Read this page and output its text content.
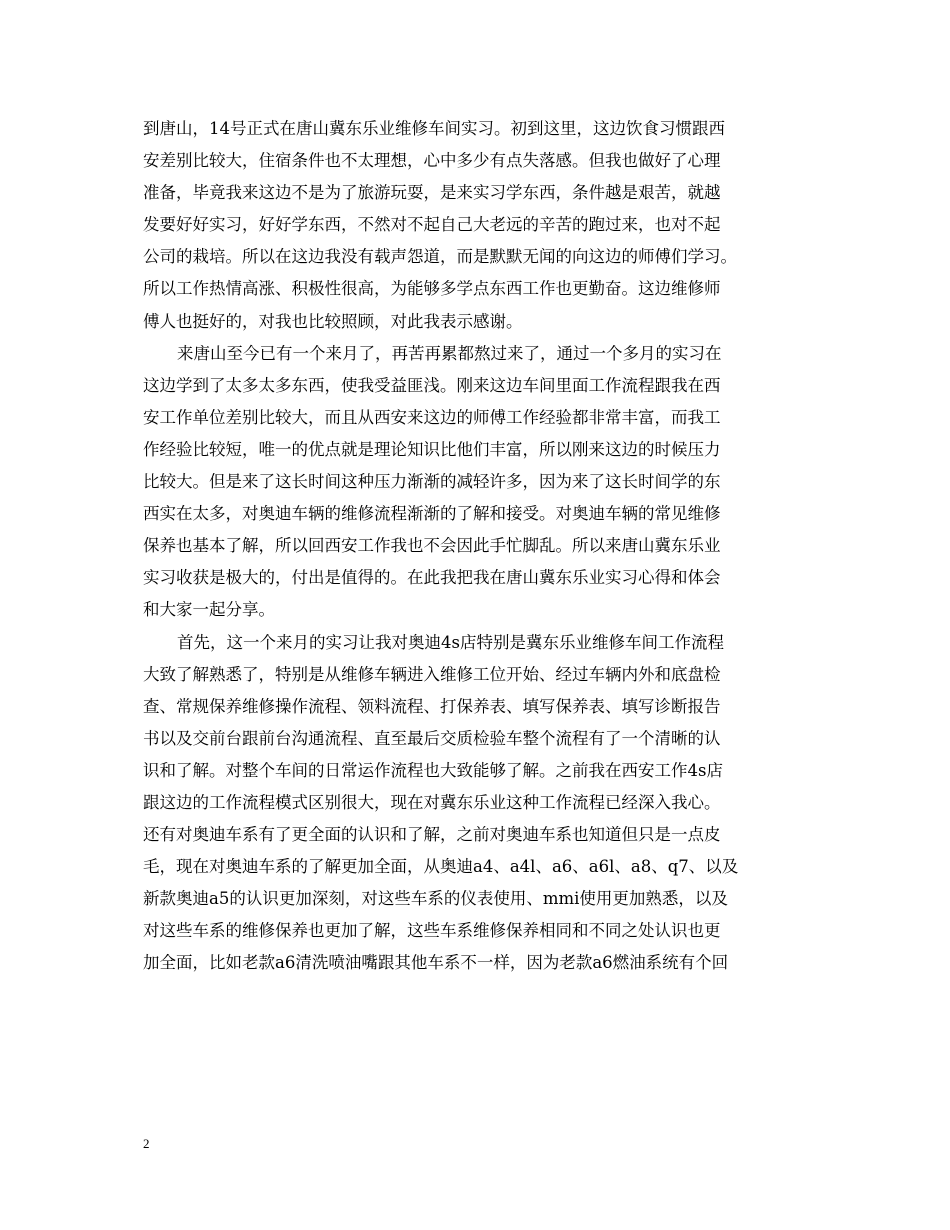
到唐山，14号正式在唐山冀东乐业维修车间实习。初到这里，这边饮食习惯跟西
安差别比较大，住宿条件也不太理想，心中多少有点失落感。但我也做好了心理
准备，毕竟我来这边不是为了旅游玩耍，是来实习学东西，条件越是艰苦，就越
发要好好实习，好好学东西，不然对不起自己大老远的辛苦的跑过来，也对不起
公司的栽培。所以在这边我没有载声怨道，而是默默无闻的向这边的师傅们学习。
所以工作热情高涨、积极性很高，为能够多学点东西工作也更勤奋。这边维修师
傅人也挺好的，对我也比较照顾，对此我表示感谢。
来唐山至今已有一个来月了，再苦再累都熬过来了，通过一个多月的实习在
这边学到了太多太多东西，使我受益匪浅。刚来这边车间里面工作流程跟我在西
安工作单位差别比较大，而且从西安来这边的师傅工作经验都非常丰富，而我工
作经验比较短，唯一的优点就是理论知识比他们丰富，所以刚来这边的时候压力
比较大。但是来了这长时间这种压力渐渐的减轻许多，因为来了这长时间学的东
西实在太多，对奥迪车辆的维修流程渐渐的了解和接受。对奥迪车辆的常见维修
保养也基本了解，所以回西安工作我也不会因此手忙脚乱。所以来唐山冀东乐业
实习收获是极大的，付出是值得的。在此我把我在唐山冀东乐业实习心得和体会
和大家一起分享。
首先，这一个来月的实习让我对奥迪4s店特别是冀东乐业维修车间工作流程
大致了解熟悉了，特别是从维修车辆进入维修工位开始、经过车辆内外和底盘检
查、常规保养维修操作流程、领料流程、打保养表、填写保养表、填写诊断报告
书以及交前台跟前台沟通流程、直至最后交质检验车整个流程有了一个清晰的认
识和了解。对整个车间的日常运作流程也大致能够了解。之前我在西安工作4s店
跟这边的工作流程模式区别很大，现在对冀东乐业这种工作流程已经深入我心。
还有对奥迪车系有了更全面的认识和了解，之前对奥迪车系也知道但只是一点皮
毛，现在对奥迪车系的了解更加全面，从奥迪a4、a4l、a6、a6l、a8、q7、以及
新款奥迪a5的认识更加深刻，对这些车系的仪表使用、mmi使用更加熟悉，以及
对这些车系的维修保养也更加了解，这些车系维修保养相同和不同之处认识也更
加全面，比如老款a6清洗喷油嘴跟其他车系不一样，因为老款a6燃油系统有个回
2
